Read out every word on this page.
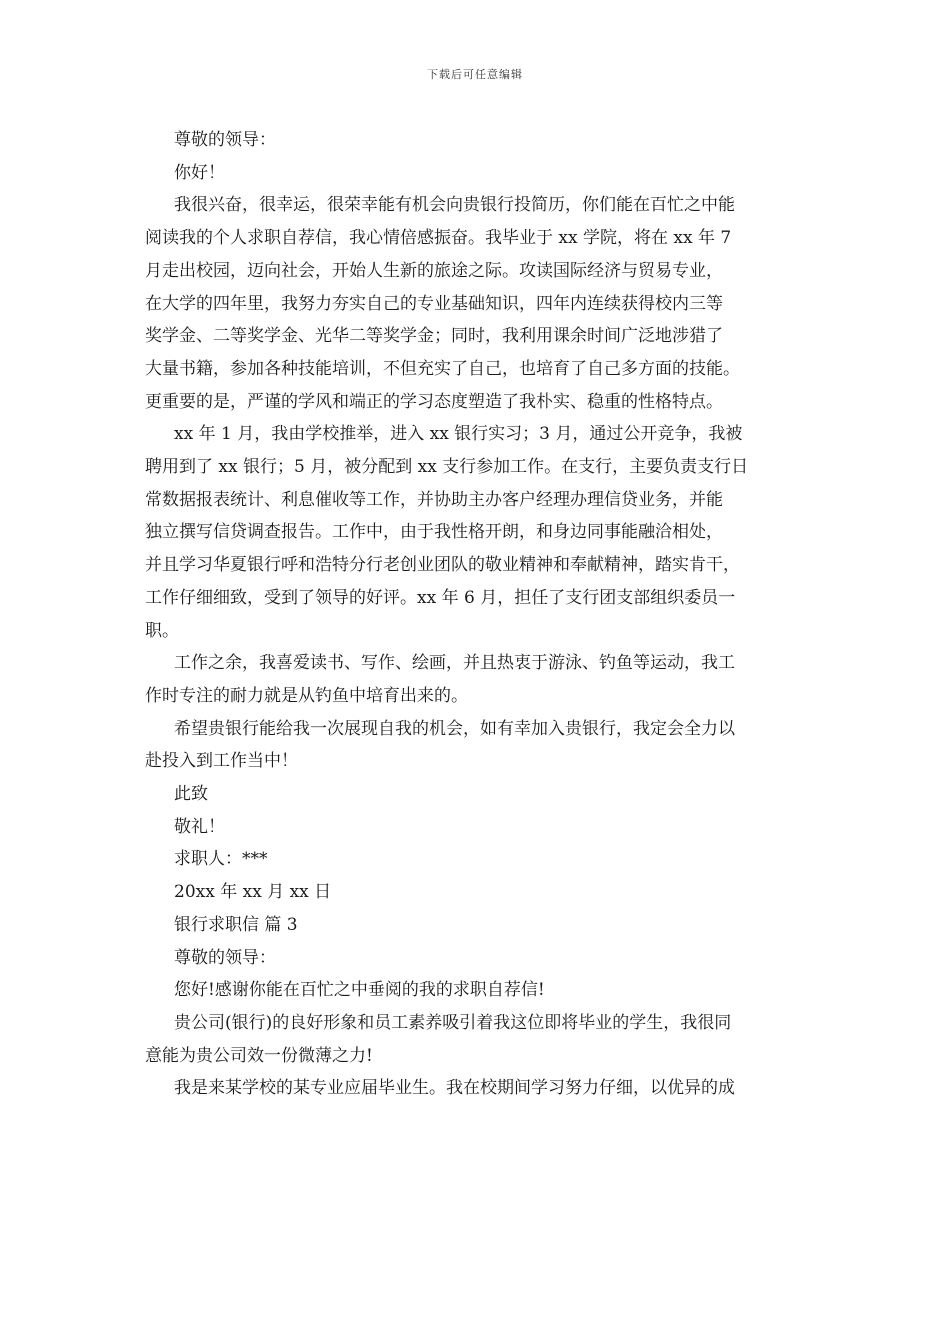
下载后可任意编辑

尊敬的领导：

你好！

我很兴奋，很幸运，很荣幸能有机会向贵银行投简历，你们能在百忙之中能

阅读我的个人求职自荐信，我心情倍感振奋。我毕业于 xx 学院，将在 xx 年 7

月走出校园，迈向社会，开始人生新的旅途之际。攻读国际经济与贸易专业，

在大学的四年里，我努力夯实自己的专业基础知识，四年内连续获得校内三等

奖学金、二等奖学金、光华二等奖学金；同时，我利用课余时间广泛地涉猎了

大量书籍，参加各种技能培训，不但充实了自己，也培育了自己多方面的技能。

更重要的是，严谨的学风和端正的学习态度塑造了我朴实、稳重的性格特点。

xx 年 1 月，我由学校推举，进入 xx 银行实习；3 月，通过公开竞争，我被

聘用到了 xx 银行；5 月，被分配到 xx 支行参加工作。在支行，主要负责支行日

常数据报表统计、利息催收等工作，并协助主办客户经理办理信贷业务，并能

独立撰写信贷调查报告。工作中，由于我性格开朗，和身边同事能融洽相处，

并且学习华夏银行呼和浩特分行老创业团队的敬业精神和奉献精神，踏实肯干，

工作仔细细致，受到了领导的好评。xx 年 6 月，担任了支行团支部组织委员一

职。

工作之余，我喜爱读书、写作、绘画，并且热衷于游泳、钓鱼等运动，我工

作时专注的耐力就是从钓鱼中培育出来的。

希望贵银行能给我一次展现自我的机会，如有幸加入贵银行，我定会全力以

赴投入到工作当中！

此致

敬礼！

求职人：***

20xx 年 xx 月 xx 日

银行求职信 篇 3

尊敬的领导：

您好!感谢你能在百忙之中垂阅的我的求职自荐信!

贵公司(银行)的良好形象和员工素养吸引着我这位即将毕业的学生，我很同

意能为贵公司效一份微薄之力!

我是来某学校的某专业应届毕业生。我在校期间学习努力仔细，以优异的成
